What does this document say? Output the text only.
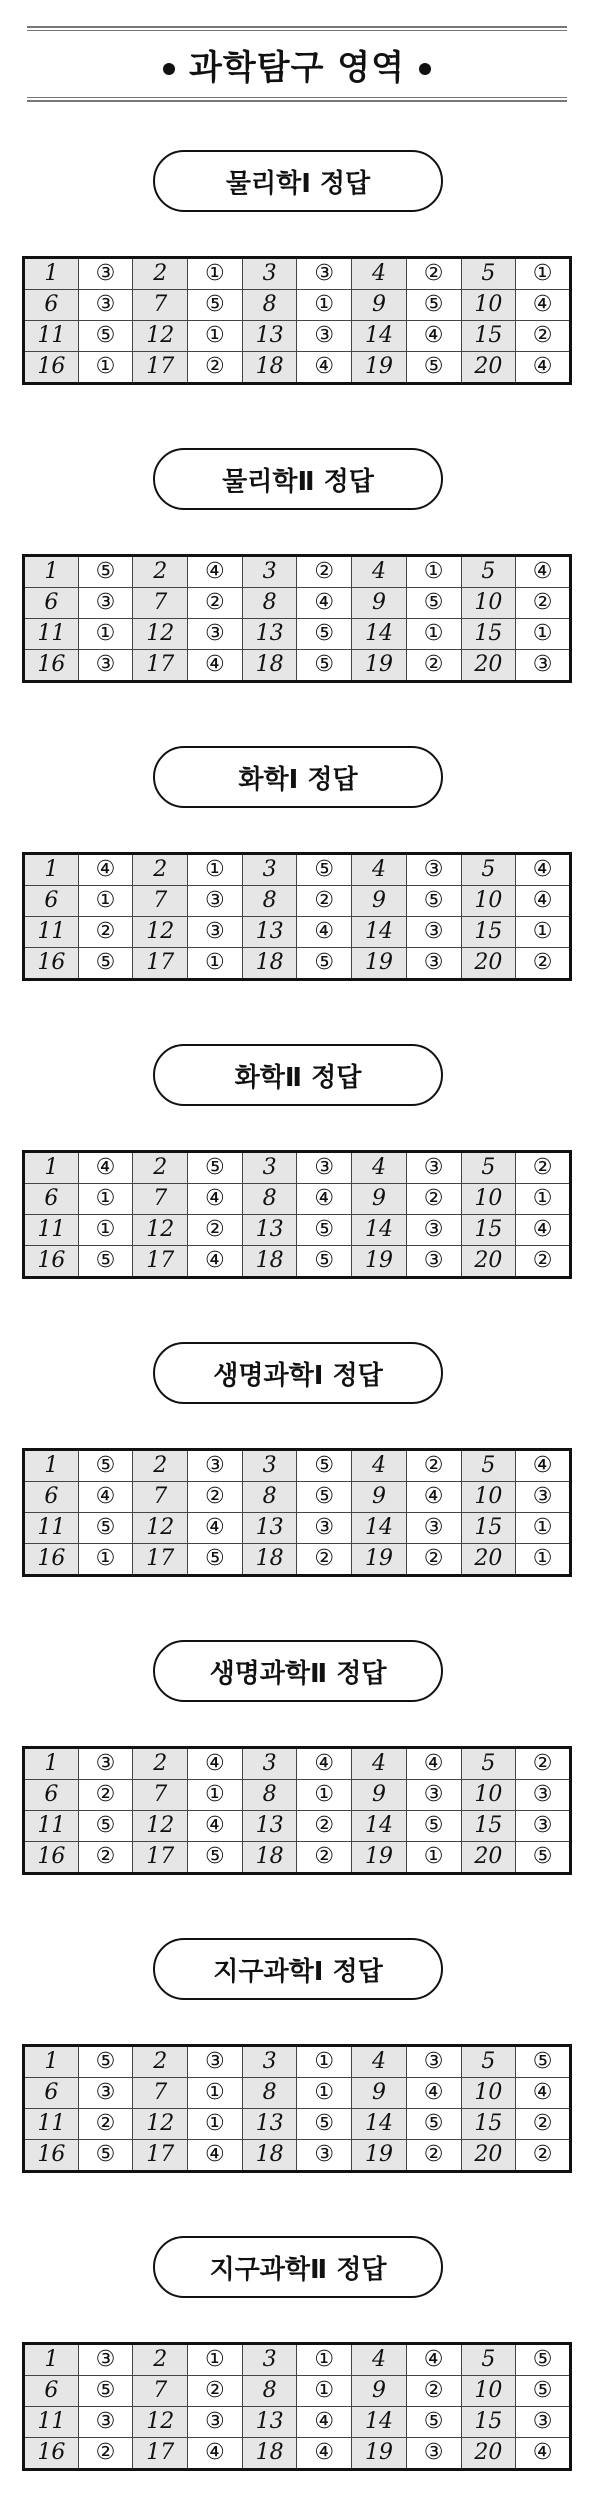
과학탐구 영역
물리학Ⅰ 정답
1	③	2	①	3	③	4	②	5	①
6	③	7	⑤	8	①	9	⑤	10	④
11	⑤	12	①	13	③	14	④	15	②
16	①	17	②	18	④	19	⑤	20	④
물리학Ⅱ 정답
1	⑤	2	④	3	②	4	①	5	④
6	③	7	②	8	④	9	⑤	10	②
11	①	12	③	13	⑤	14	①	15	①
16	③	17	④	18	⑤	19	②	20	③
화학Ⅰ 정답
1	④	2	①	3	⑤	4	③	5	④
6	①	7	③	8	②	9	⑤	10	④
11	②	12	③	13	④	14	③	15	①
16	⑤	17	①	18	⑤	19	③	20	②
화학Ⅱ 정답
1	④	2	⑤	3	③	4	③	5	②
6	①	7	④	8	④	9	②	10	①
11	①	12	②	13	⑤	14	③	15	④
16	⑤	17	④	18	⑤	19	③	20	②
생명과학Ⅰ 정답
1	⑤	2	③	3	⑤	4	②	5	④
6	④	7	②	8	⑤	9	④	10	③
11	⑤	12	④	13	③	14	③	15	①
16	①	17	⑤	18	②	19	②	20	①
생명과학Ⅱ 정답
1	③	2	④	3	④	4	④	5	②
6	②	7	①	8	①	9	③	10	③
11	⑤	12	④	13	②	14	⑤	15	③
16	②	17	⑤	18	②	19	①	20	⑤
지구과학Ⅰ 정답
1	⑤	2	③	3	①	4	③	5	⑤
6	③	7	①	8	①	9	④	10	④
11	②	12	①	13	⑤	14	⑤	15	②
16	⑤	17	④	18	③	19	②	20	②
지구과학Ⅱ 정답
1	③	2	①	3	①	4	④	5	⑤
6	⑤	7	②	8	①	9	②	10	⑤
11	③	12	③	13	④	14	⑤	15	③
16	②	17	④	18	④	19	③	20	④
